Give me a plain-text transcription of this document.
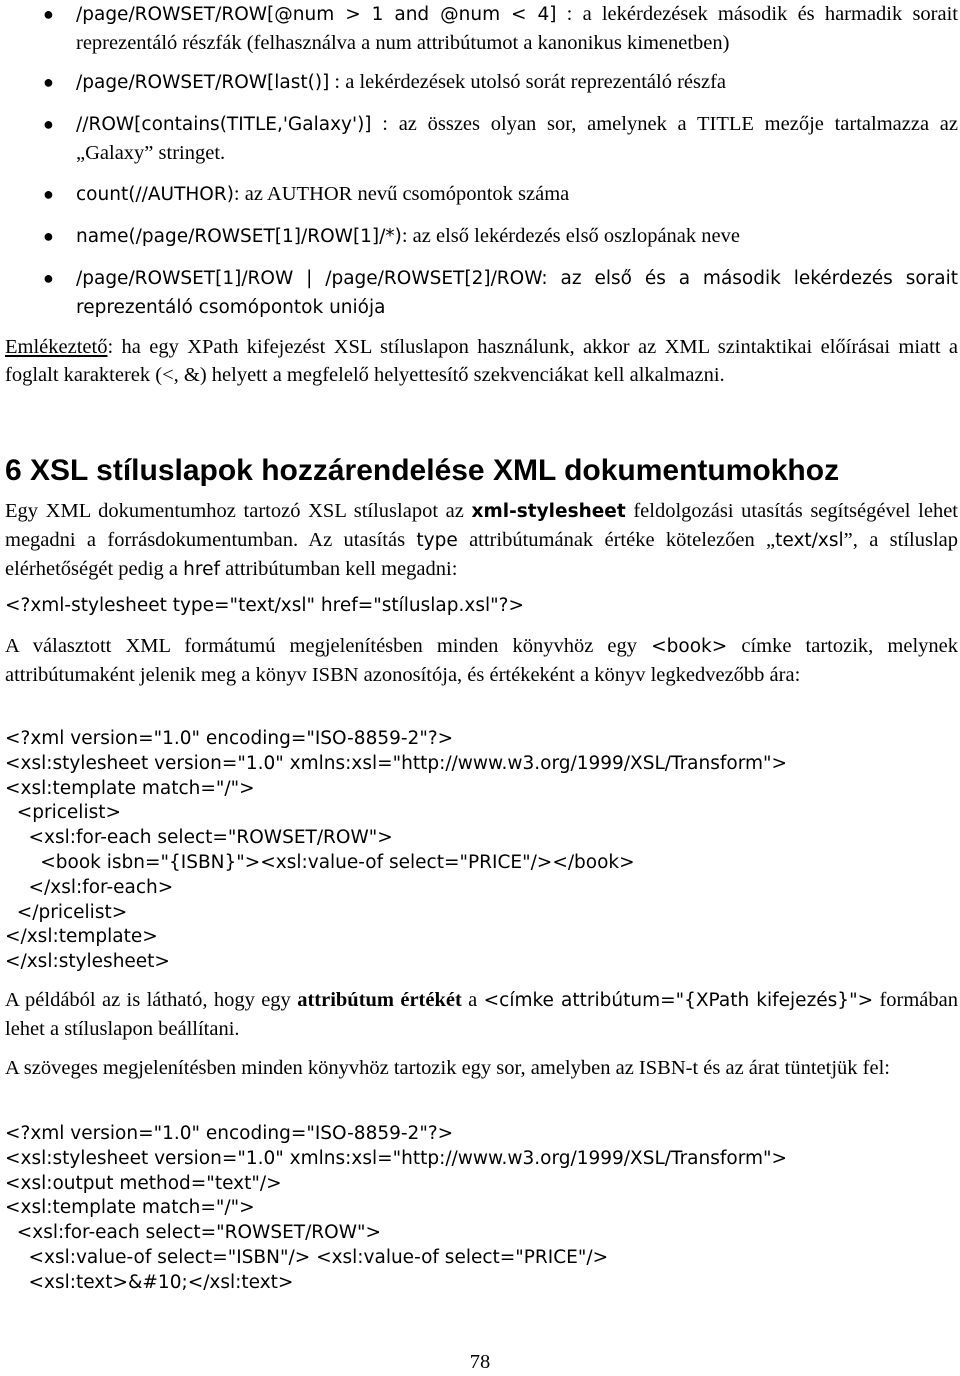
● /page/ROWSET/ROW[@num > 1 and @num < 4] : a lekérdezések második és harmadik sorait reprezentáló részfák (felhasználva a num attribútumot a kanonikus kimenetben)
● /page/ROWSET/ROW[last()] : a lekérdezések utolsó sorát reprezentáló részfa
● //ROW[contains(TITLE,'Galaxy')] : az összes olyan sor, amelynek a TITLE mezője tartalmazza az „Galaxy” stringet.
● count(//AUTHOR): az AUTHOR nevű csomópontok száma
● name(/page/ROWSET[1]/ROW[1]/*): az első lekérdezés első oszlopának neve
● /page/ROWSET[1]/ROW | /page/ROWSET[2]/ROW: az első és a második lekérdezés sorait reprezentáló csomópontok uniója
Emlékeztető: ha egy XPath kifejezést XSL stíluslapon használunk, akkor az XML szintaktikai előírásai miatt a foglalt karakterek (<, &) helyett a megfelelő helyettesítő szekvenciákat kell alkalmazni.
6 XSL stíluslapok hozzárendelése XML dokumentumokhoz
Egy XML dokumentumhoz tartozó XSL stíluslapot az xml-stylesheet feldolgozási utasítás segítségével lehet megadni a forrásdokumentumban. Az utasítás type attribútumának értéke kötelezően „text/xsl”, a stíluslap elérhetőségét pedig a href attribútumban kell megadni:
<?xml-stylesheet type="text/xsl" href="stíluslap.xsl"?>
A választott XML formátumú megjelenítésben minden könyvhöz egy <book> címke tartozik, melynek attribútumaként jelenik meg a könyv ISBN azonosítója, és értékeként a könyv legkedvezőbb ára:
<?xml version="1.0" encoding="ISO-8859-2"?>
<xsl:stylesheet version="1.0" xmlns:xsl="http://www.w3.org/1999/XSL/Transform">
<xsl:template match="/">
<pricelist>
<xsl:for-each select="ROWSET/ROW">
<book isbn="{ISBN}"><xsl:value-of select="PRICE"/></book>
</xsl:for-each>
</pricelist>
</xsl:template>
</xsl:stylesheet>
A példából az is látható, hogy egy attribútum értékét a <címke attribútum="{XPath kifejezés}"> formában lehet a stíluslapon beállítani.
A szöveges megjelenítésben minden könyvhöz tartozik egy sor, amelyben az ISBN-t és az árat tüntetjük fel:
<?xml version="1.0" encoding="ISO-8859-2"?>
<xsl:stylesheet version="1.0" xmlns:xsl="http://www.w3.org/1999/XSL/Transform">
<xsl:output method="text"/>
<xsl:template match="/">
<xsl:for-each select="ROWSET/ROW">
<xsl:value-of select="ISBN"/> <xsl:value-of select="PRICE"/>
<xsl:text>&#10;</xsl:text>
78
